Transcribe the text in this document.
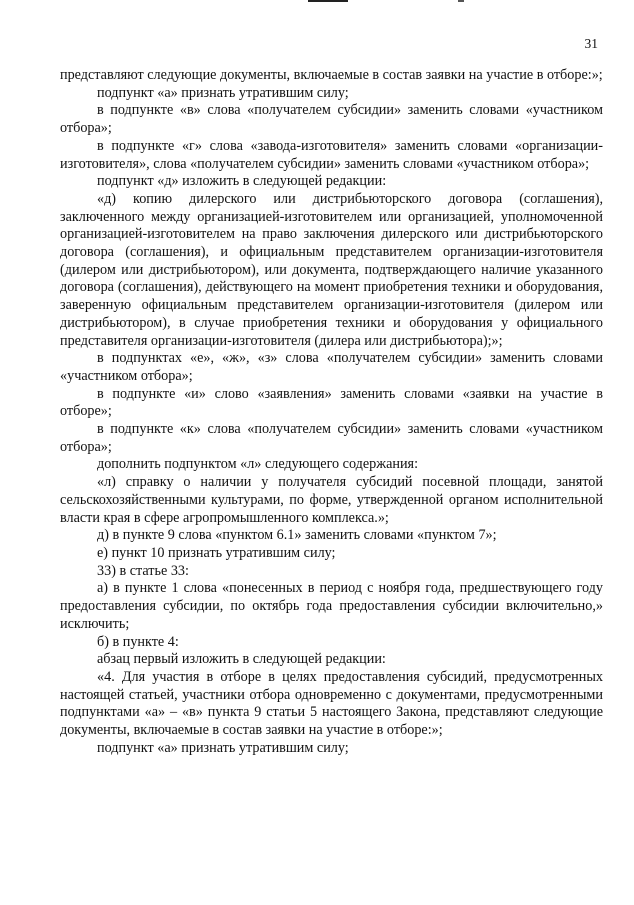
31

представляют следующие документы, включаемые в состав заявки на участие в отборе:»;

подпункт «а» признать утратившим силу;

в подпункте «в» слова «получателем субсидии» заменить словами «участником отбора»;

в подпункте «г» слова «завода-изготовителя» заменить словами «организации-изготовителя», слова «получателем субсидии» заменить словами «участником отбора»;

подпункт «д» изложить в следующей редакции:

«д) копию дилерского или дистрибьюторского договора (соглашения), заключенного между организацией-изготовителем или организацией, уполномоченной организацией-изготовителем на право заключения дилерского или дистрибьюторского договора (соглашения), и официальным представителем организации-изготовителя (дилером или дистрибьютором), или документа, подтверждающего наличие указанного договора (соглашения), действующего на момент приобретения техники и оборудования, заверенную официальным представителем организации-изготовителя (дилером или дистрибьютором), в случае приобретения техники и оборудования у официального представителя организации-изготовителя (дилера или дистрибьютора);»;

в подпунктах «е», «ж», «з» слова «получателем субсидии» заменить словами «участником отбора»;

в подпункте «и» слово «заявления» заменить словами «заявки на участие в отборе»;

в подпункте «к» слова «получателем субсидии» заменить словами «участником отбора»;

дополнить подпунктом «л» следующего содержания:

«л) справку о наличии у получателя субсидий посевной площади, занятой сельскохозяйственными культурами, по форме, утвержденной органом исполнительной власти края в сфере агропромышленного комплекса.»;

д) в пункте 9 слова «пунктом 6.1» заменить словами «пунктом 7»;

е) пункт 10 признать утратившим силу;

33) в статье 33:

а) в пункте 1 слова «понесенных в период с ноября года, предшествующего году предоставления субсидии, по октябрь года предоставления субсидии включительно,» исключить;

б) в пункте 4:

абзац первый изложить в следующей редакции:

«4. Для участия в отборе в целях предоставления субсидий, предусмотренных настоящей статьей, участники отбора одновременно с документами, предусмотренными подпунктами «а» – «в» пункта 9 статьи 5 настоящего Закона, представляют следующие документы, включаемые в состав заявки на участие в отборе:»;

подпункт «а» признать утратившим силу;
